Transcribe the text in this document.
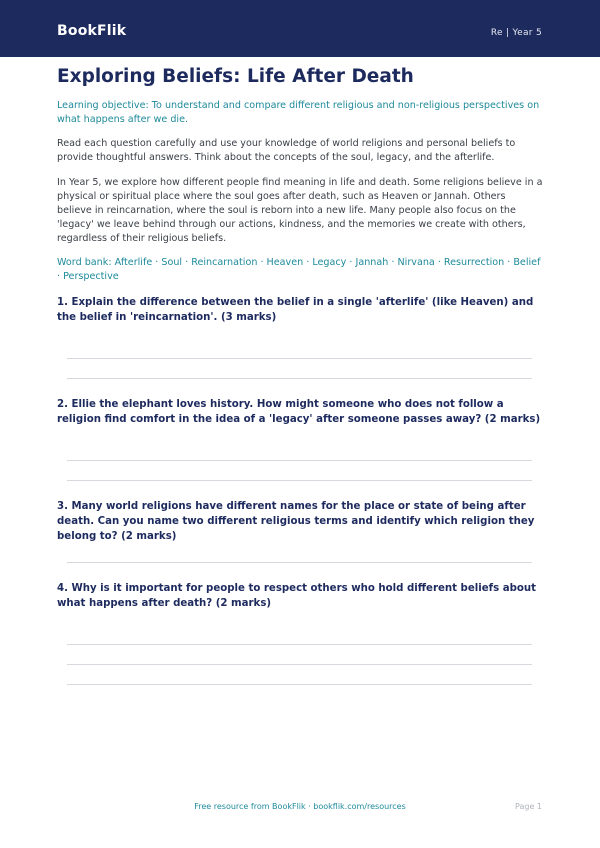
BookFlik	Re | Year 5
Exploring Beliefs: Life After Death

Learning objective: To understand and compare different religious and non-religious perspectives on what happens after we die.

Read each question carefully and use your knowledge of world religions and personal beliefs to provide thoughtful answers. Think about the concepts of the soul, legacy, and the afterlife.

In Year 5, we explore how different people find meaning in life and death. Some religions believe in a physical or spiritual place where the soul goes after death, such as Heaven or Jannah. Others believe in reincarnation, where the soul is reborn into a new life. Many people also focus on the 'legacy' we leave behind through our actions, kindness, and the memories we create with others, regardless of their religious beliefs.

Word bank: Afterlife · Soul · Reincarnation · Heaven · Legacy · Jannah · Nirvana · Resurrection · Belief · Perspective

1. Explain the difference between the belief in a single 'afterlife' (like Heaven) and the belief in 'reincarnation'. (3 marks)

2. Ellie the elephant loves history. How might someone who does not follow a religion find comfort in the idea of a 'legacy' after someone passes away? (2 marks)

3. Many world religions have different names for the place or state of being after death. Can you name two different religious terms and identify which religion they belong to? (2 marks)

4. Why is it important for people to respect others who hold different beliefs about what happens after death? (2 marks)

Free resource from BookFlik · bookflik.com/resources	Page 1
